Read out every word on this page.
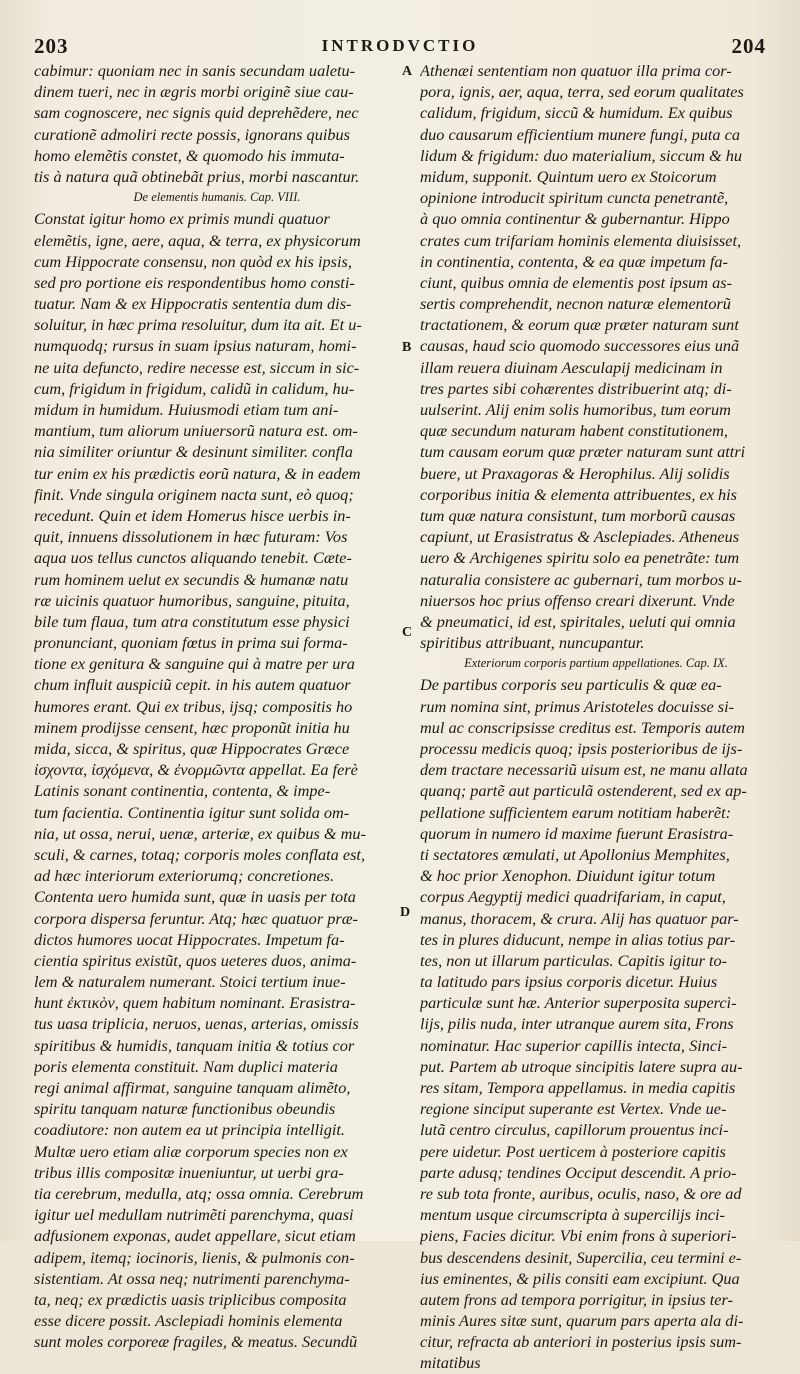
203	INTRODVCTIO	204
cabimur: quoniam nec in sanis secundam ualetu-
dinem tueri, nec in ægris morbi originẽ siue cau-
sam cognoscere, nec signis quid deprehẽdere, nec
curationẽ admoliri recte possis, ignorans quibus
homo elemẽtis constet, & quomodo his immuta-
tis à natura quã obtinebãt prius, morbi nascantur.
De elementis humanis. Cap. VIII.
Constat igitur homo ex primis mundi quatuor
elemẽtis, igne, aere, aqua, & terra, ex physicorum
cum Hippocrate consensu, non quòd ex his ipsis,
sed pro portione eis respondentibus homo consti-
tuatur. Nam & ex Hippocratis sententia dum dis-
soluitur, in hæc prima resoluitur, dum ita ait. Et u-
numquodq; rursus in suam ipsius naturam, homi-
ne uita defuncto, redire necesse est, siccum in sic-
cum, frigidum in frigidum, calidũ in calidum, hu-
midum in humidum. Huiusmodi etiam tum ani-
mantium, tum aliorum uniuersorũ natura est. om-
nia similiter oriuntur & desinunt similiter. confla
tur enim ex his prædictis eorũ natura, & in eadem
finit. Vnde singula originem nacta sunt, eò quoq;
recedunt. Quin et idem Homerus hisce uerbis in-
quit, innuens dissolutionem in hæc futuram: Vos
aqua uos tellus cunctos aliquando tenebit. Cæte-
rum hominem uelut ex secundis & humanæ natu
ræ uicinis quatuor humoribus, sanguine, pituita,
bile tum flaua, tum atra constitutum esse physici
pronunciant, quoniam fœtus in prima sui forma-
tione ex genitura & sanguine qui à matre per ura
chum influit auspiciũ cepit. in his autem quatuor
humores erant. Qui ex tribus, ijsq; compositis ho
minem prodijsse censent, hæc proponũt initia hu
mida, sicca, & spiritus, quæ Hippocrates Græce
ἰσχοντα, ἰσχόμενα, & ἐνορμῶντα appellat. Ea ferè
Latinis sonant continentia, contenta, & impe-
tum facientia. Continentia igitur sunt solida om-
nia, ut ossa, nerui, uenæ, arteriæ, ex quibus & mu-
sculi, & carnes, totaq; corporis moles conflata est,
ad hæc interiorum exteriorumq; concretiones.
Contenta uero humida sunt, quæ in uasis per tota
corpora dispersa feruntur. Atq; hæc quatuor præ-
dictos humores uocat Hippocrates. Impetum fa-
cientia spiritus existũt, quos ueteres duos, anima-
lem & naturalem numerant. Stoici tertium inue-
hunt ἐκτικὸν, quem habitum nominant. Erasistra-
tus uasa triplicia, neruos, uenas, arterias, omissis
spiritibus & humidis, tanquam initia & totius cor
poris elementa constituit. Nam duplici materia
regi animal affirmat, sanguine tanquam alimẽto,
spiritu tanquam naturæ functionibus obeundis
coadiutore: non autem ea ut principia intelligit.
Multæ uero etiam aliæ corporum species non ex
tribus illis compositæ inueniuntur, ut uerbi gra-
tia cerebrum, medulla, atq; ossa omnia. Cerebrum
igitur uel medullam nutrimẽti parenchyma, quasi
adfusionem exponas, audet appellare, sicut etiam
adipem, itemq; iocinoris, lienis, & pulmonis con-
sistentiam. At ossa neq; nutrimenti parenchyma-
ta, neq; ex prædictis uasis triplicibus composita
esse dicere possit. Asclepiadi hominis elementa
sunt moles corporeæ fragiles, & meatus. Secundũ
Athenæi sententiam non quatuor illa prima cor-
pora, ignis, aer, aqua, terra, sed eorum qualitates
calidum, frigidum, siccũ & humidum. Ex quibus
duo causarum efficientium munere fungi, puta ca
lidum & frigidum: duo materialium, siccum & hu
midum, supponit. Quintum uero ex Stoicorum
opinione introducit spiritum cuncta penetrantẽ,
à quo omnia continentur & gubernantur. Hippo
crates cum trifariam hominis elementa diuisisset,
in continentia, contenta, & ea quæ impetum fa-
ciunt, quibus omnia de elementis post ipsum as-
sertis comprehendit, necnon naturæ elementorũ
tractationem, & eorum quæ præter naturam sunt
causas, haud scio quomodo successores eius unã
illam reuera diuinam Aesculapij medicinam in
tres partes sibi cohærentes distribuerint atq; di-
uulserint. Alij enim solis humoribus, tum eorum
quæ secundum naturam habent constitutionem,
tum causam eorum quæ præter naturam sunt attri
buere, ut Praxagoras & Herophilus. Alij solidis
corporibus initia & elementa attribuentes, ex his
tum quæ natura consistunt, tum morborũ causas
capiunt, ut Erasistratus & Asclepiades. Atheneus
uero & Archigenes spiritu solo ea penetrãte: tum
naturalia consistere ac gubernari, tum morbos u-
niuersos hoc prius offenso creari dixerunt. Vnde
& pneumatici, id est, spiritales, ueluti qui omnia
spiritibus attribuant, nuncupantur.
Exteriorum corporis partium appellationes. Cap. IX.
De partibus corporis seu particulis & quæ ea-
rum nomina sint, primus Aristoteles docuisse si-
mul ac conscripsisse creditus est. Temporis autem
processu medicis quoq; ipsis posterioribus de ijs-
dem tractare necessariũ uisum est, ne manu allata
quanq; partẽ aut particulã ostenderent, sed ex ap-
pellatione sufficientem earum notitiam haberẽt:
quorum in numero id maxime fuerunt Erasistra-
ti sectatores æmulati, ut Apollonius Memphites,
& hoc prior Xenophon. Diuidunt igitur totum
corpus Aegyptij medici quadrifariam, in caput,
manus, thoracem, & crura. Alij has quatuor par-
tes in plures diducunt, nempe in alias totius par-
tes, non ut illarum particulas. Capitis igitur to-
ta latitudo pars ipsius corporis dicetur. Huius
particulæ sunt hæ. Anterior superposita supercì-
lijs, pilis nuda, inter utranque aurem sita, Frons
nominatur. Hac superior capillis intecta, Sinci-
put. Partem ab utroque sincipitis latere supra au-
res sitam, Tempora appellamus. in media capitis
regione sinciput superante est Vertex. Vnde ue-
lutã centro circulus, capillorum prouentus inci-
pere uidetur. Post uerticem à posteriore capitis
parte adusq; tendines Occiput descendit. A prio-
re sub tota fronte, auribus, oculis, naso, & ore ad
mentum usque circumscripta à supercilijs inci-
piens, Facies dicitur. Vbi enim frons à superiori-
bus descendens desinit, Supercilia, ceu termini e-
ius eminentes, & pilis consiti eam excipiunt. Qua
autem frons ad tempora porrigitur, in ipsius ter-
minis Aures sitæ sunt, quarum pars aperta ala di-
citur, refracta ab anteriori in posterius ipsis sum-
mitatibus
A
B
C
D
